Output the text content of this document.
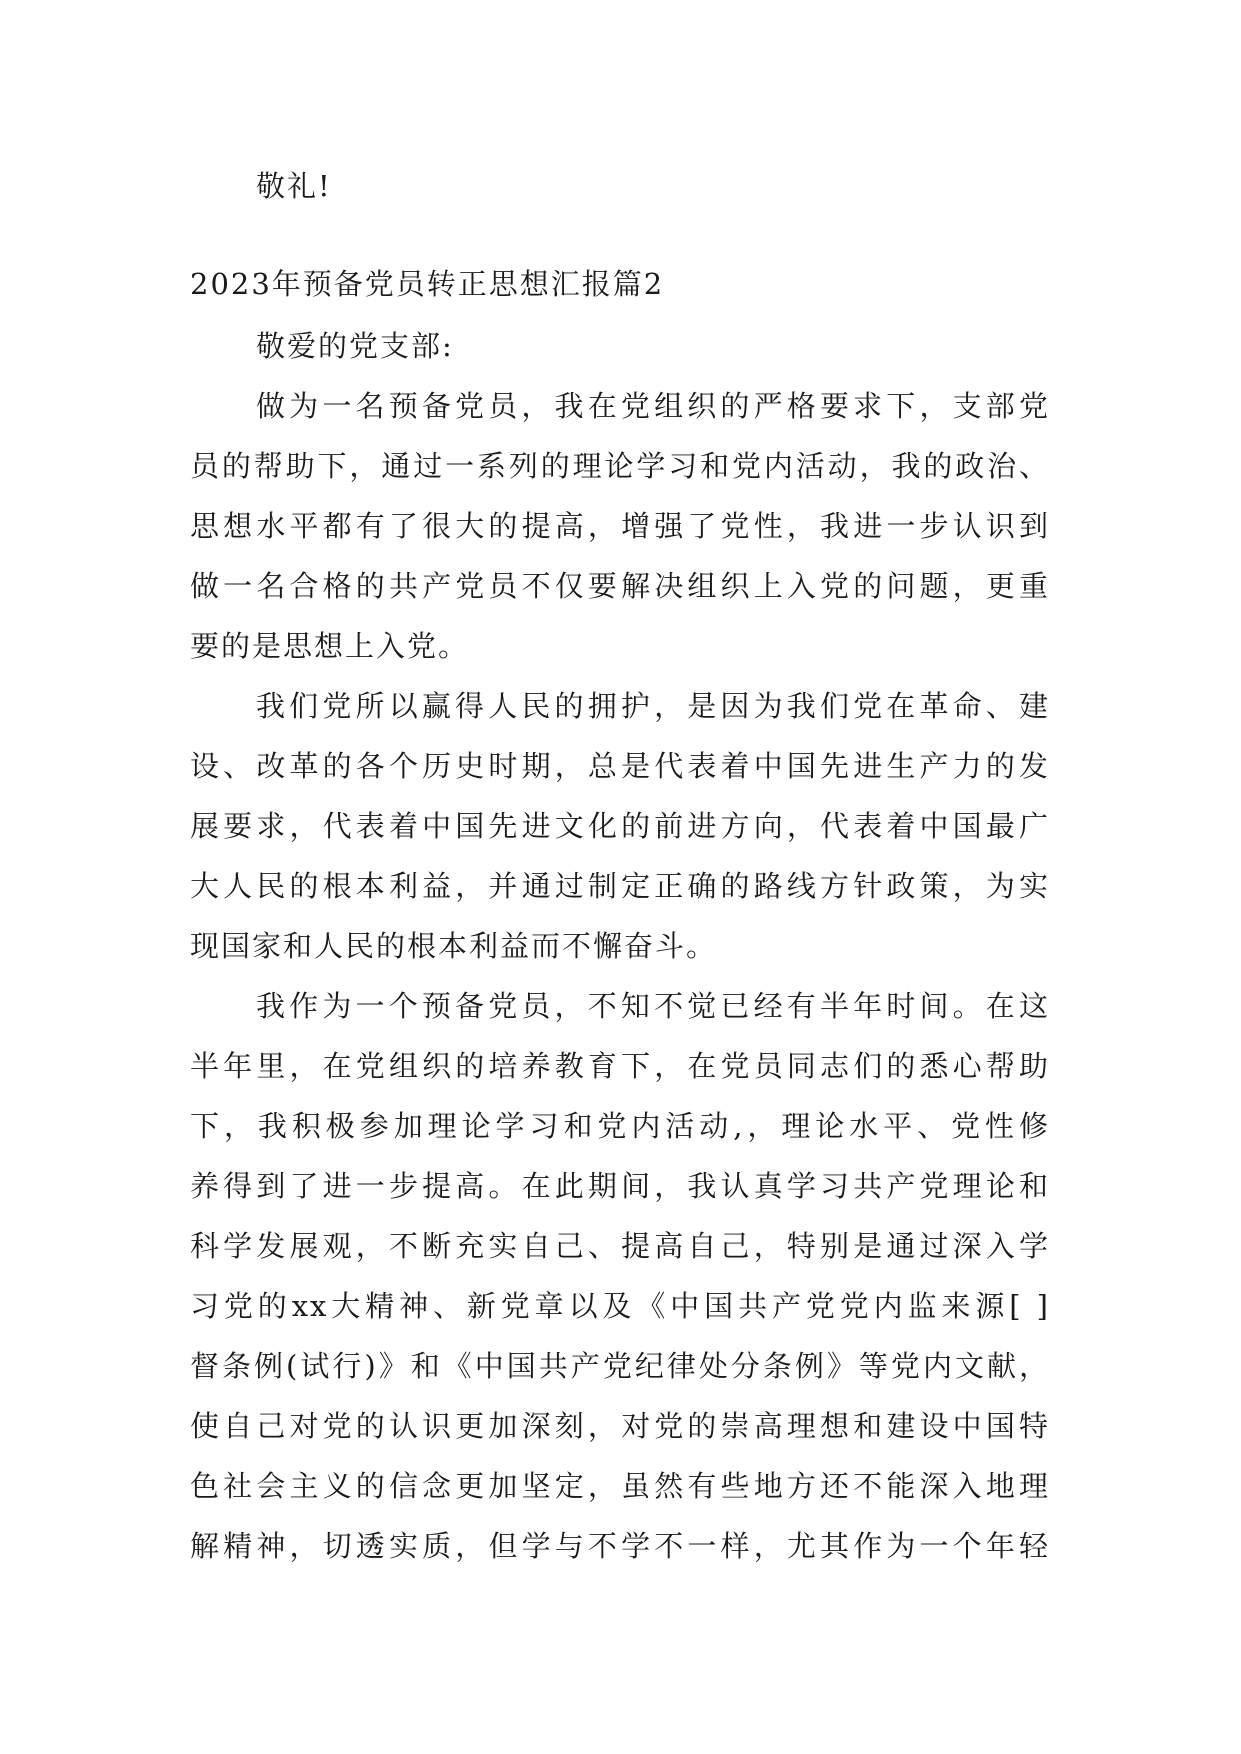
敬礼!
2023年预备党员转正思想汇报篇2
敬爱的党支部:
做为一名预备党员，我在党组织的严格要求下，支部党
员的帮助下，通过一系列的理论学习和党内活动，我的政治、
思想水平都有了很大的提高，增强了党性，我进一步认识到
做一名合格的共产党员不仅要解决组织上入党的问题，更重
要的是思想上入党。
我们党所以赢得人民的拥护，是因为我们党在革命、建
设、改革的各个历史时期，总是代表着中国先进生产力的发
展要求，代表着中国先进文化的前进方向，代表着中国最广
大人民的根本利益，并通过制定正确的路线方针政策，为实
现国家和人民的根本利益而不懈奋斗。
我作为一个预备党员，不知不觉已经有半年时间。在这
半年里，在党组织的培养教育下，在党员同志们的悉心帮助
下，我积极参加理论学习和党内活动,，理论水平、党性修
养得到了进一步提高。在此期间，我认真学习共产党理论和
科学发展观，不断充实自己、提高自己，特别是通过深入学
习党的xx大精神、新党章以及《中国共产党党内监来源[ ]
督条例(试行)》和《中国共产党纪律处分条例》等党内文献，
使自己对党的认识更加深刻，对党的崇高理想和建设中国特
色社会主义的信念更加坚定，虽然有些地方还不能深入地理
解精神，切透实质，但学与不学不一样，尤其作为一个年轻
